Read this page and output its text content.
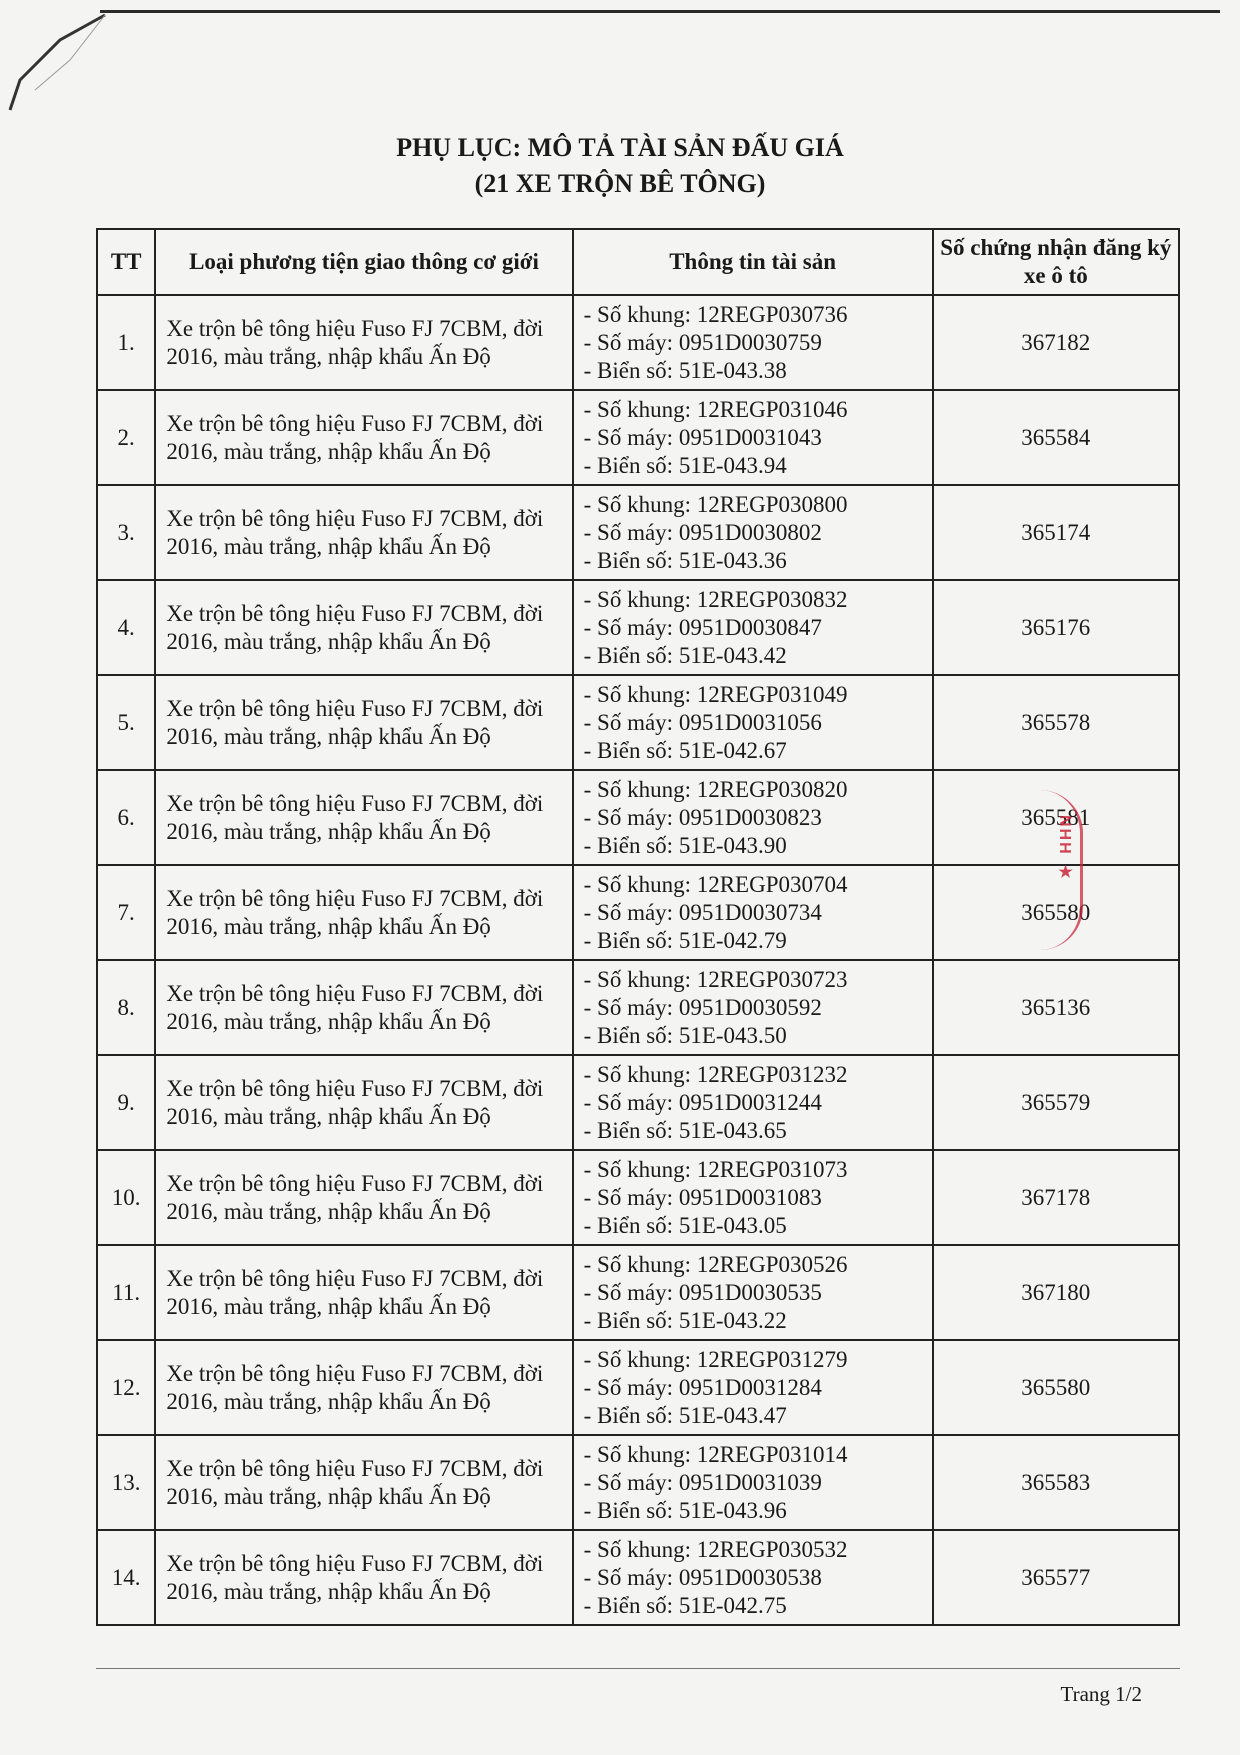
PHỤ LỤC: MÔ TẢ TÀI SẢN ĐẤU GIÁ
(21 XE TRỘN BÊ TÔNG)
TT	Loại phương tiện giao thông cơ giới	Thông tin tài sản	Số chứng nhận đăng ký xe ô tô
1.	Xe trộn bê tông hiệu Fuso FJ 7CBM, đời 2016, màu trắng, nhập khẩu Ấn Độ	- Số khung: 12REGP030736
- Số máy: 0951D0030759
- Biển số: 51E-043.38	367182
2.	Xe trộn bê tông hiệu Fuso FJ 7CBM, đời 2016, màu trắng, nhập khẩu Ấn Độ	- Số khung: 12REGP031046
- Số máy: 0951D0031043
- Biển số: 51E-043.94	365584
3.	Xe trộn bê tông hiệu Fuso FJ 7CBM, đời 2016, màu trắng, nhập khẩu Ấn Độ	- Số khung: 12REGP030800
- Số máy: 0951D0030802
- Biển số: 51E-043.36	365174
4.	Xe trộn bê tông hiệu Fuso FJ 7CBM, đời 2016, màu trắng, nhập khẩu Ấn Độ	- Số khung: 12REGP030832
- Số máy: 0951D0030847
- Biển số: 51E-043.42	365176
5.	Xe trộn bê tông hiệu Fuso FJ 7CBM, đời 2016, màu trắng, nhập khẩu Ấn Độ	- Số khung: 12REGP031049
- Số máy: 0951D0031056
- Biển số: 51E-042.67	365578
6.	Xe trộn bê tông hiệu Fuso FJ 7CBM, đời 2016, màu trắng, nhập khẩu Ấn Độ	- Số khung: 12REGP030820
- Số máy: 0951D0030823
- Biển số: 51E-043.90	365581
7.	Xe trộn bê tông hiệu Fuso FJ 7CBM, đời 2016, màu trắng, nhập khẩu Ấn Độ	- Số khung: 12REGP030704
- Số máy: 0951D0030734
- Biển số: 51E-042.79	365580
8.	Xe trộn bê tông hiệu Fuso FJ 7CBM, đời 2016, màu trắng, nhập khẩu Ấn Độ	- Số khung: 12REGP030723
- Số máy: 0951D0030592
- Biển số: 51E-043.50	365136
9.	Xe trộn bê tông hiệu Fuso FJ 7CBM, đời 2016, màu trắng, nhập khẩu Ấn Độ	- Số khung: 12REGP031232
- Số máy: 0951D0031244
- Biển số: 51E-043.65	365579
10.	Xe trộn bê tông hiệu Fuso FJ 7CBM, đời 2016, màu trắng, nhập khẩu Ấn Độ	- Số khung: 12REGP031073
- Số máy: 0951D0031083
- Biển số: 51E-043.05	367178
11.	Xe trộn bê tông hiệu Fuso FJ 7CBM, đời 2016, màu trắng, nhập khẩu Ấn Độ	- Số khung: 12REGP030526
- Số máy: 0951D0030535
- Biển số: 51E-043.22	367180
12.	Xe trộn bê tông hiệu Fuso FJ 7CBM, đời 2016, màu trắng, nhập khẩu Ấn Độ	- Số khung: 12REGP031279
- Số máy: 0951D0031284
- Biển số: 51E-043.47	365580
13.	Xe trộn bê tông hiệu Fuso FJ 7CBM, đời 2016, màu trắng, nhập khẩu Ấn Độ	- Số khung: 12REGP031014
- Số máy: 0951D0031039
- Biển số: 51E-043.96	365583
14.	Xe trộn bê tông hiệu Fuso FJ 7CBM, đời 2016, màu trắng, nhập khẩu Ấn Độ	- Số khung: 12REGP030532
- Số máy: 0951D0030538
- Biển số: 51E-042.75	365577
NHH ★
Trang 1/2
